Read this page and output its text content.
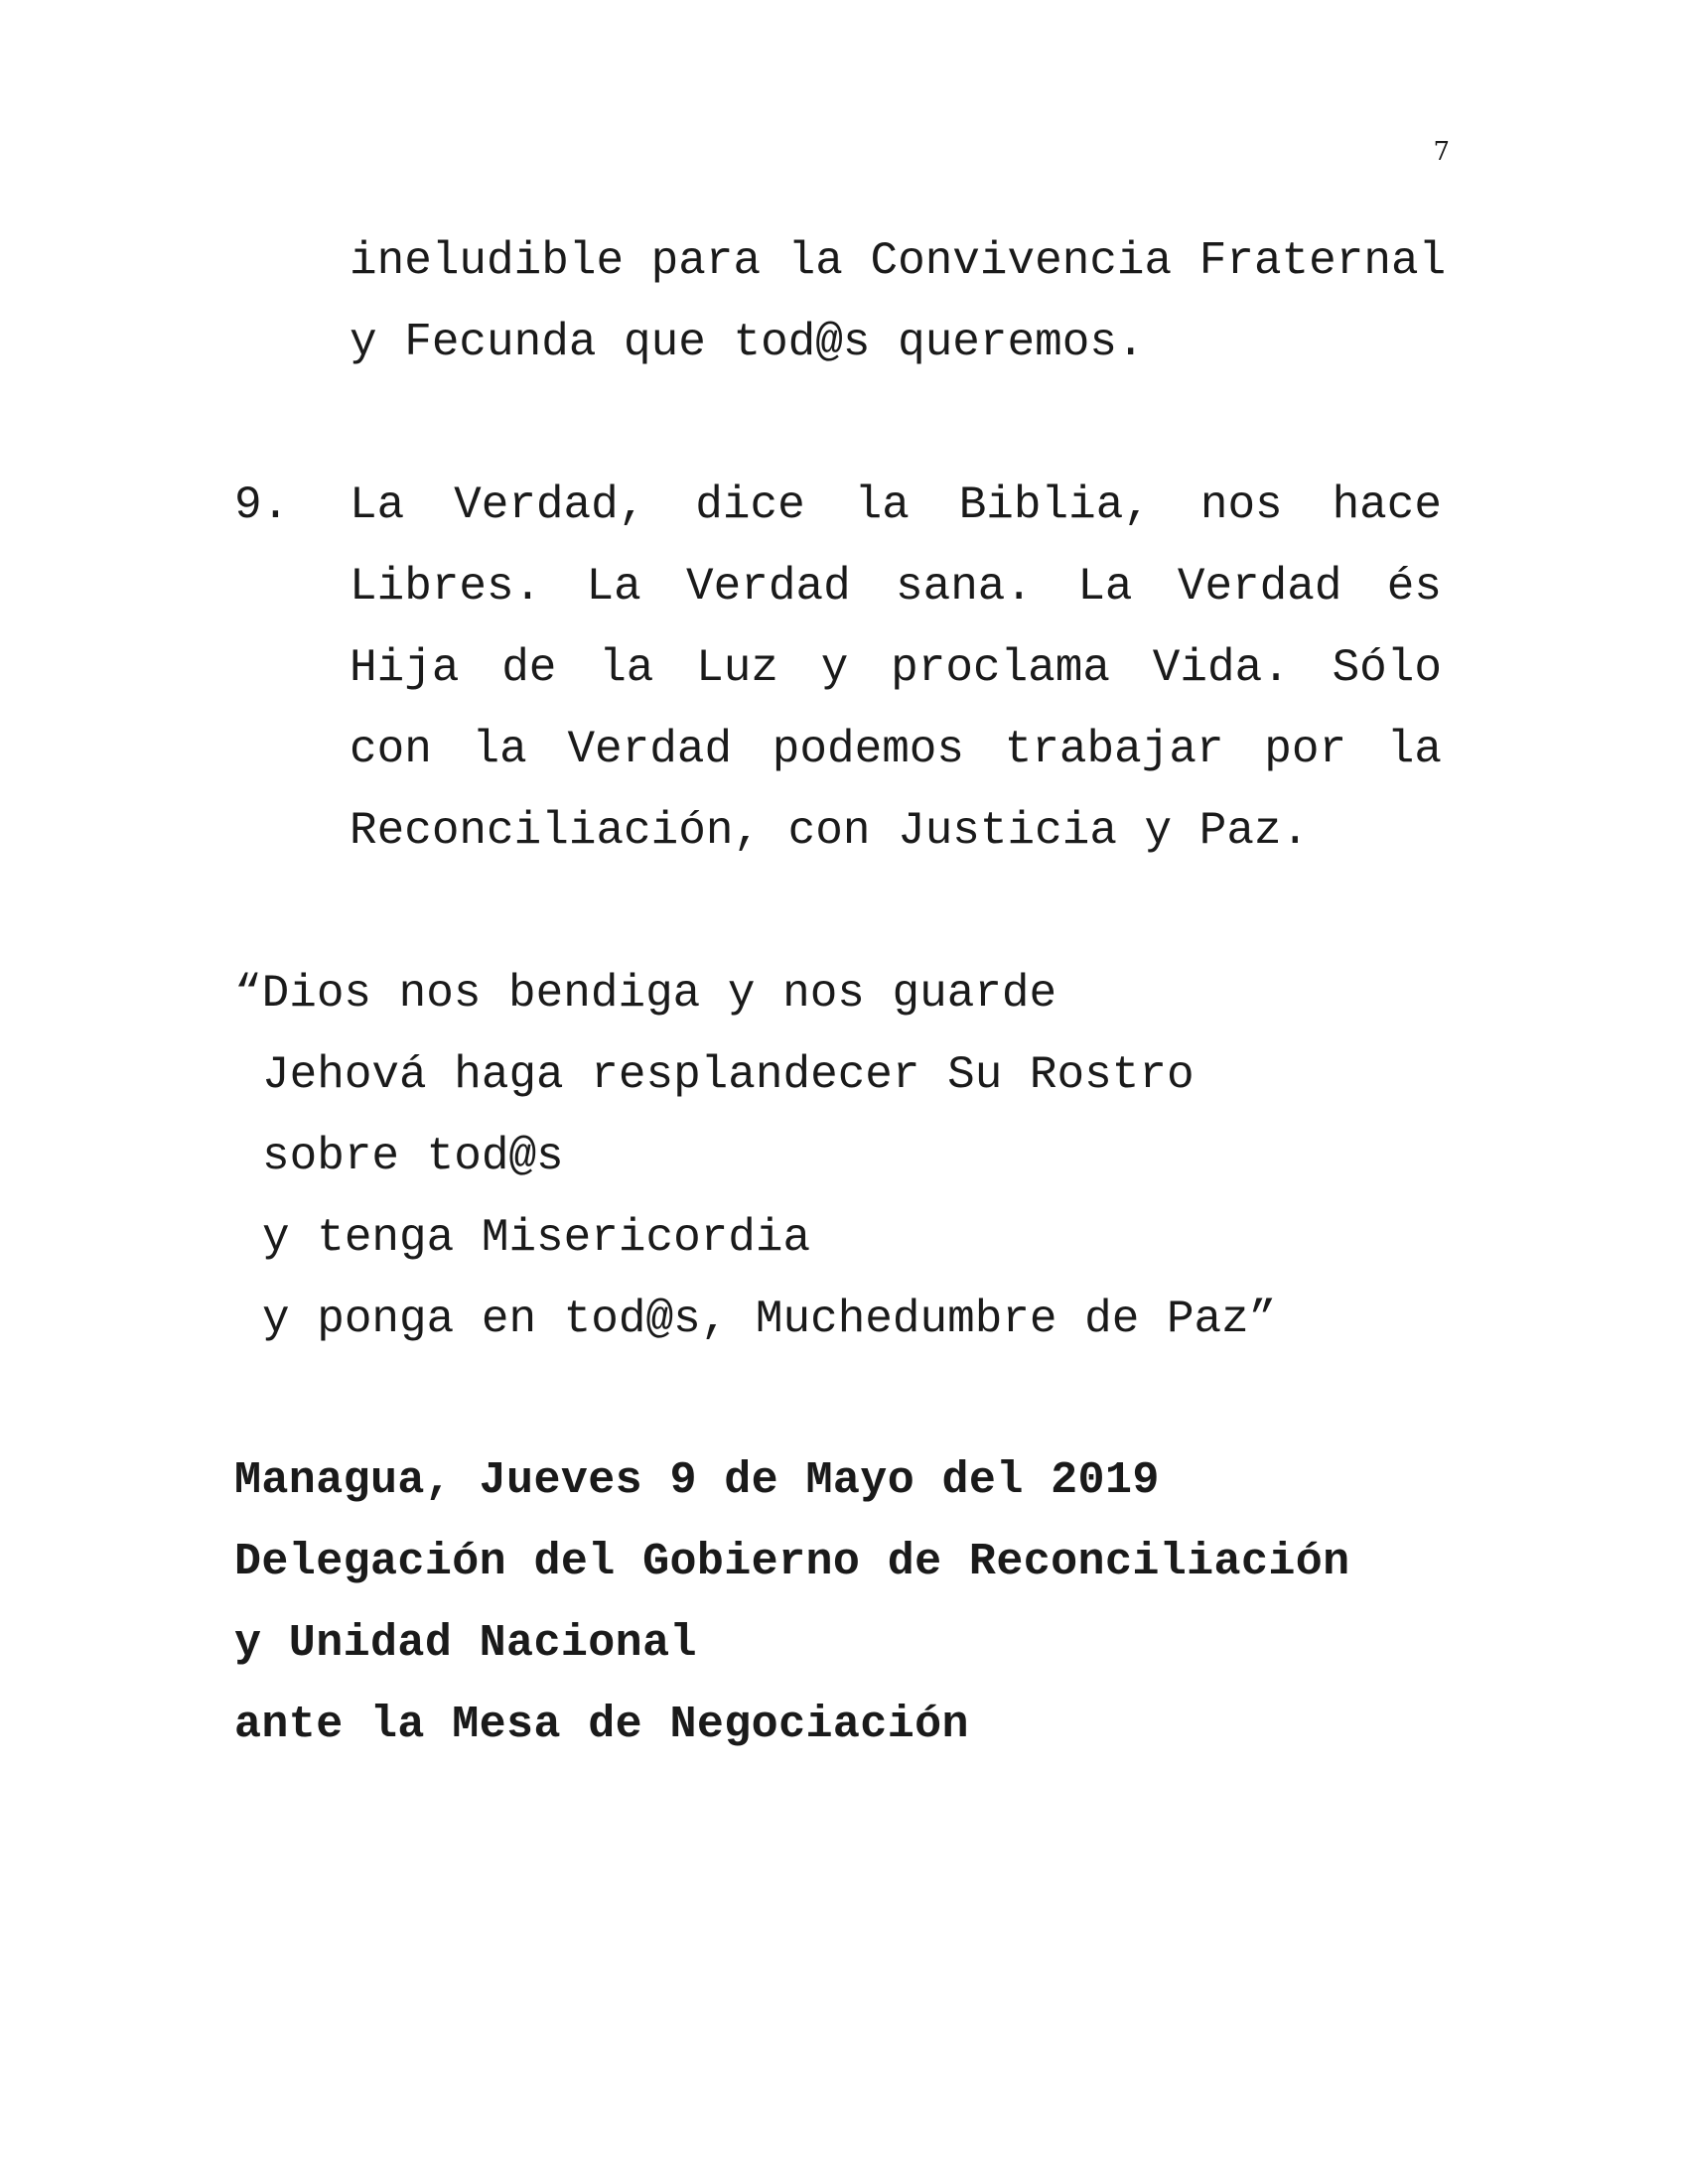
7
ineludible para la Convivencia Fraternal
y Fecunda que tod@s queremos.
9. La Verdad, dice la Biblia, nos hace
Libres. La Verdad sana. La Verdad és
Hija de la Luz y proclama Vida. Sólo
con la Verdad podemos trabajar por la
Reconciliación, con Justicia y Paz.
“Dios nos bendiga y nos guarde
Jehová haga resplandecer Su Rostro
sobre tod@s
y tenga Misericordia
y ponga en tod@s, Muchedumbre de Paz”
Managua, Jueves 9 de Mayo del 2019
Delegación del Gobierno de Reconciliación
y Unidad Nacional
ante la Mesa de Negociación
